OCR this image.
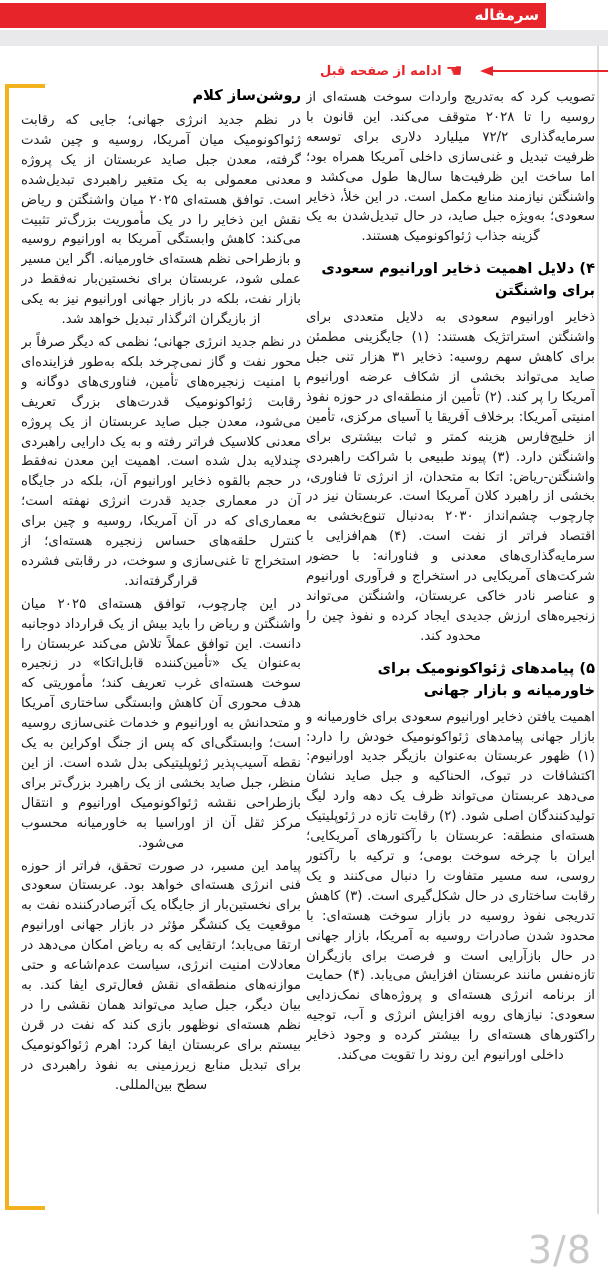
سرمقاله
ادامه از صفحه قبل ☚

تصویب کرد که به‌تدریج واردات سوخت هسته‌ای از روسیه را تا ۲۰۲۸ متوقف می‌کند. این قانون با سرمایه‌گذاری ۷۲/۲ میلیارد دلاری برای توسعه ظرفیت تبدیل و غنی‌سازی داخلی آمریکا همراه بود؛ اما ساخت این ظرفیت‌ها سال‌ها طول می‌کشد و واشنگتن نیازمند منابع مکمل است. در این خلأ، ذخایر سعودی؛ به‌ویژه جبل صاید، در حال تبدیل‌شدن به یک گزینه جذاب ژئواکونومیک هستند.

۴) دلایل اهمیت ذخایر اورانیوم سعودی برای واشنگتن

ذخایر اورانیوم سعودی به دلایل متعددی برای واشنگتن استراتژیک هستند: (۱) جایگزینی مطمئن برای کاهش سهم روسیه: ذخایر ۳۱ هزار تنی جبل صاید می‌تواند بخشی از شکاف عرضه اورانیوم آمریکا را پر کند. (۲) تأمین از منطقه‌ای در حوزه نفوذ امنیتی آمریکا: برخلاف آفریقا یا آسیای مرکزی، تأمین از خلیج‌فارس هزینه کمتر و ثبات بیشتری برای واشنگتن دارد. (۳) پیوند طبیعی با شراکت راهبردی واشنگتن-ریاض: اتکا به متحدان، از انرژی تا فناوری، بخشی از راهبرد کلان آمریکا است. عربستان نیز در چارچوب چشم‌انداز ۲۰۳۰ به‌دنبال تنوع‌بخشی به اقتصاد فراتر از نفت است. (۴) هم‌افزایی با سرمایه‌گذاری‌های معدنی و فناورانه: با حضور شرکت‌های آمریکایی در استخراج و فرآوری اورانیوم و عناصر نادر خاکی عربستان، واشنگتن می‌تواند زنجیره‌های ارزش جدیدی ایجاد کرده و نفوذ چین را محدود کند.

۵) پیامدهای ژئواکونومیک برای خاورمیانه و بازار جهانی

اهمیت یافتن ذخایر اورانیوم سعودی برای خاورمیانه و بازار جهانی پیامدهای ژئواکونومیک خودش را دارد: (۱) ظهور عربستان به‌عنوان بازیگر جدید اورانیوم: اکتشافات در تبوک، الحناکیه و جبل صاید نشان می‌دهد عربستان می‌تواند ظرف یک دهه وارد لیگ تولیدکنندگان اصلی شود. (۲) رقابت تازه در ژئوپلیتیک هسته‌ای منطقه: عربستان با رآکتورهای آمریکایی؛ ایران با چرخه سوخت بومی؛ و ترکیه با رآکتور روسی، سه مسیر متفاوت را دنبال می‌کنند و یک رقابت ساختاری در حال شکل‌گیری است. (۳) کاهش تدریجی نفوذ روسیه در بازار سوخت هسته‌ای: با محدود شدن صادرات روسیه به آمریکا، بازار جهانی در حال بازآرایی است و فرصت برای بازیگران تازه‌نفس مانند عربستان افزایش می‌یابد. (۴) حمایت از برنامه انرژی هسته‌ای و پروژه‌های نمک‌زدایی سعودی: نیازهای روبه افزایش انرژی و آب، توجیه راکتورهای هسته‌ای را بیشتر کرده و وجود ذخایر داخلی اورانیوم این روند را تقویت می‌کند.

روشن‌ساز کلام

در نظم جدید انرژی جهانی؛ جایی که رقابت ژئواکونومیک میان آمریکا، روسیه و چین شدت گرفته، معدن جبل صاید عربستان از یک پروژه معدنی معمولی به یک متغیر راهبردی تبدیل‌شده است. توافق هسته‌ای ۲۰۲۵ میان واشنگتن و ریاض نقش این ذخایر را در یک مأموریت بزرگ‌تر تثبیت می‌کند: کاهش وابستگی آمریکا به اورانیوم روسیه و بازطراحی نظم هسته‌ای خاورمیانه. اگر این مسیر عملی شود، عربستان برای نخستین‌بار نه‌فقط در بازار نفت، بلکه در بازار جهانی اورانیوم نیز به یکی از بازیگران اثرگذار تبدیل خواهد شد.

در نظم جدید انرژی جهانی؛ نظمی که دیگر صرفاً بر محور نفت و گاز نمی‌چرخد بلکه به‌طور فزاینده‌ای با امنیت زنجیره‌های تأمین، فناوری‌های دوگانه و رقابت ژئواکونومیک قدرت‌های بزرگ تعریف می‌شود، معدن جبل صاید عربستان از یک پروژه معدنی کلاسیک فراتر رفته و به یک دارایی راهبردی چندلایه بدل شده است. اهمیت این معدن نه‌فقط در حجم بالقوه ذخایر اورانیوم آن، بلکه در جایگاه آن در معماری جدید قدرت انرژی نهفته است؛ معماری‌ای که در آن آمریکا، روسیه و چین برای کنترل حلقه‌های حساس زنجیره هسته‌ای؛ از استخراج تا غنی‌سازی و سوخت، در رقابتی فشرده قرارگرفته‌اند.

در این چارچوب، توافق هسته‌ای ۲۰۲۵ میان واشنگتن و ریاض را باید بیش از یک قرارداد دوجانبه دانست. این توافق عملاً تلاش می‌کند عربستان را به‌عنوان یک «تأمین‌کننده قابل‌اتکا» در زنجیره سوخت هسته‌ای غرب تعریف کند؛ مأموریتی که هدف محوری آن کاهش وابستگی ساختاری آمریکا و متحدانش به اورانیوم و خدمات غنی‌سازی روسیه است؛ وابستگی‌ای که پس از جنگ اوکراین به یک نقطه آسیب‌پذیر ژئوپلیتیکی بدل شده است. از این منظر، جبل صاید بخشی از یک راهبرد بزرگ‌تر برای بازطراحی نقشه ژئواکونومیک اورانیوم و انتقال مرکز ثقل آن از اوراسیا به خاورمیانه محسوب می‌شود.

پیامد این مسیر، در صورت تحقق، فراتر از حوزه فنی انرژی هسته‌ای خواهد بود. عربستان سعودی برای نخستین‌بار از جایگاه یک اَبَرصادرکننده نفت به موقعیت یک کنشگر مؤثر در بازار جهانی اورانیوم ارتقا می‌یابد؛ ارتقایی که به ریاض امکان می‌دهد در معادلات امنیت انرژی، سیاست عدم‌اشاعه و حتی موازنه‌های منطقه‌ای نقش فعال‌تری ایفا کند. به بیان دیگر، جبل صاید می‌تواند همان نقشی را در نظم هسته‌ای نوظهور بازی کند که نفت در قرن بیستم برای عربستان ایفا کرد: اهرم ژئواکونومیک برای تبدیل منابع زیرزمینی به نفوذ راهبردی در سطح بین‌المللی.

3/8
